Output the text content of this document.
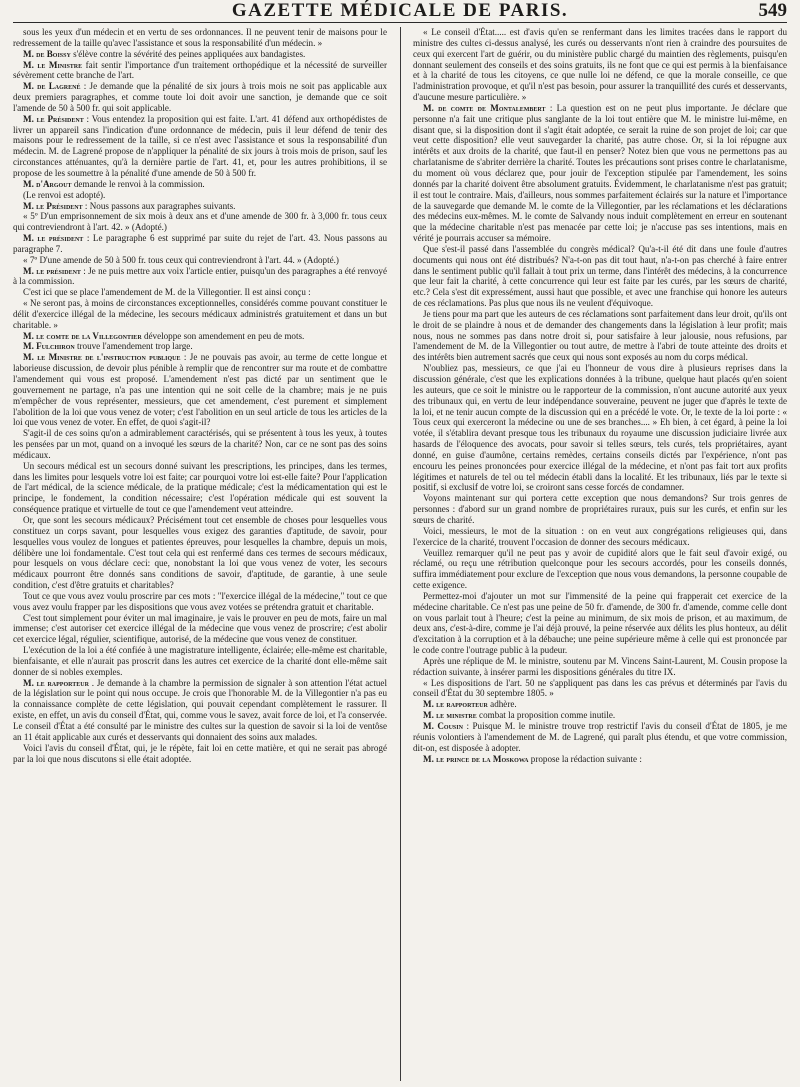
GAZETTE MÉDICALE DE PARIS.	549

sous les yeux d'un médecin et en vertu de ses ordonnances. Il ne peuvent tenir de maisons pour le redressement de la taille qu'avec l'assistance et sous la responsabilité d'un médecin. »

M. de Boissy s'élève contre la sévérité des peines appliquées aux bandagistes.

M. le Ministre fait sentir l'importance d'un traitement orthopédique et la nécessité de surveiller sévèrement cette branche de l'art.

M. de Lagrené : Je demande que la pénalité de six jours à trois mois ne soit pas applicable aux deux premiers paragraphes, et comme toute loi doit avoir une sanction, je demande que ce soit l'amende de 50 à 500 fr. qui soit applicable.

M. le Président : Vous entendez la proposition qui est faite. L'art. 41 défend aux orthopédistes de livrer un appareil sans l'indication d'une ordonnance de médecin, puis il leur défend de tenir des maisons pour le redressement de la taille, si ce n'est avec l'assistance et sous la responsabilité d'un médecin. M. de Lagrené propose de n'appliquer la pénalité de six jours à trois mois de prison, sauf les circonstances atténuantes, qu'à la dernière partie de l'art. 41, et, pour les autres prohibitions, il se propose de les soumettre à la pénalité d'une amende de 50 à 500 fr.

M. d'Argout demande le renvoi à la commission.

(Le renvoi est adopté).

M. le Président : Nous passons aux paragraphes suivants.

« 5º D'un emprisonnement de six mois à deux ans et d'une amende de 300 fr. à 3,000 fr. tous ceux qui contreviendront à l'art. 42. » (Adopté.)

M. le président : Le paragraphe 6 est supprimé par suite du rejet de l'art. 43. Nous passons au paragraphe 7.

« 7º D'une amende de 50 à 500 fr. tous ceux qui contreviendront à l'art. 44. » (Adopté.)

M. le président : Je ne puis mettre aux voix l'article entier, puisqu'un des paragraphes a été renvoyé à la commission.

C'est ici que se place l'amendement de M. de la Villegontier. Il est ainsi conçu :

« Ne seront pas, à moins de circonstances exceptionnelles, considérés comme pouvant constituer le délit d'exercice illégal de la médecine, les secours médicaux administrés gratuitement et dans un but charitable. »

M. le comte de la Villegontier développe son amendement en peu de mots.

M. Fulchiron trouve l'amendement trop large.

M. le Ministre de l'instruction publique : Je ne pouvais pas avoir, au terme de cette longue et laborieuse discussion, de devoir plus pénible à remplir que de rencontrer sur ma route et de combattre l'amendement qui vous est proposé. L'amendement n'est pas dicté par un sentiment que le gouvernement ne partage, n'a pas une intention qui ne soit celle de la chambre; mais je ne puis m'empêcher de vous représenter, messieurs, que cet amendement, c'est purement et simplement l'abolition de la loi que vous venez de voter; c'est l'abolition en un seul article de tous les articles de la loi que vous venez de voter. En effet, de quoi s'agit-il?

S'agit-il de ces soins qu'on a admirablement caractérisés, qui se présentent à tous les yeux, à toutes les pensées par un mot, quand on a invoqué les sœurs de la charité? Non, car ce ne sont pas des soins médicaux.

Un secours médical est un secours donné suivant les prescriptions, les principes, dans les termes, dans les limites pour lesquels votre loi est faite; car pourquoi votre loi est-elle faite? Pour l'application de l'art médical, de la science médicale, de la pratique médicale; c'est la médicamentation qui est le principe, le fondement, la condition nécessaire; c'est l'opération médicale qui est souvent la conséquence pratique et virtuelle de tout ce que l'amendement veut atteindre.

Or, que sont les secours médicaux? Précisément tout cet ensemble de choses pour lesquelles vous constituez un corps savant, pour lesquelles vous exigez des garanties d'aptitude, de savoir, pour lesquelles vous voulez de longues et patientes épreuves, pour lesquelles la chambre, depuis un mois, délibère une loi fondamentale. C'est tout cela qui est renfermé dans ces termes de secours médicaux, pour lesquels on vous déclare ceci: que, nonobstant la loi que vous venez de voter, les secours médicaux pourront être donnés sans conditions de savoir, d'aptitude, de garantie, à une seule condition, c'est d'être gratuits et charitables?

Tout ce que vous avez voulu proscrire par ces mots : "l'exercice illégal de la médecine," tout ce que vous avez voulu frapper par les dispositions que vous avez votées se prétendra gratuit et charitable.

C'est tout simplement pour éviter un mal imaginaire, je vais le prouver en peu de mots, faire un mal immense; c'est autoriser cet exercice illégal de la médecine que vous venez de proscrire; c'est abolir cet exercice légal, régulier, scientifique, autorisé, de la médecine que vous venez de constituer.

L'exécution de la loi a été confiée à une magistrature intelligente, éclairée; elle-même est charitable, bienfaisante, et elle n'aurait pas proscrit dans les autres cet exercice de la charité dont elle-même sait donner de si nobles exemples.

M. le rapporteur . Je demande à la chambre la permission de signaler à son attention l'état actuel de la législation sur le point qui nous occupe. Je crois que l'honorable M. de la Villegontier n'a pas eu la connaissance complète de cette législation, qui pouvait cependant complètement le rassurer. Il existe, en effet, un avis du conseil d'État, qui, comme vous le savez, avait force de loi, et l'a conservée. Le conseil d'État a été consulté par le ministre des cultes sur la question de savoir si la loi de ventôse an 11 était applicable aux curés et desservants qui donnaient des soins aux malades.

Voici l'avis du conseil d'État, qui, je le répète, fait loi en cette matière, et qui ne serait pas abrogé par la loi que nous discutons si elle était adoptée.

« Le conseil d'État..... est d'avis qu'en se renfermant dans les limites tracées dans le rapport du ministre des cultes ci-dessus analysé, les curés ou desservants n'ont rien à craindre des poursuites de ceux qui exercent l'art de guérir, ou du ministère public chargé du maintien des règlements, puisqu'en donnant seulement des conseils et des soins gratuits, ils ne font que ce qui est permis à la bienfaisance et à la charité de tous les citoyens, ce que nulle loi ne défend, ce que la morale conseille, ce que l'administration provoque, et qu'il n'est pas besoin, pour assurer la tranquillité des curés et desservants, d'aucune mesure particulière. »

M. de comte de Montalembert : La question est on ne peut plus importante. Je déclare que personne n'a fait une critique plus sanglante de la loi tout entière que M. le ministre lui-même, en disant que, si la disposition dont il s'agit était adoptée, ce serait la ruine de son projet de loi; car que veut cette disposition? elle veut sauvegarder la charité, pas autre chose. Or, si la loi répugne aux intérêts et aux droits de la charité, que faut-il en penser? Notez bien que vous ne permettons pas au charlatanisme de s'abriter derrière la charité. Toutes les précautions sont prises contre le charlatanisme, du moment où vous déclarez que, pour jouir de l'exception stipulée par l'amendement, les soins donnés par la charité doivent être absolument gratuits. Évidemment, le charlatanisme n'est pas gratuit; il est tout le contraire. Mais, d'ailleurs, nous sommes parfaitement éclairés sur la nature et l'importance de la sauvegarde que demande M. le comte de la Villegontier, par les réclamations et les déclarations des médecins eux-mêmes. M. le comte de Salvandy nous induit complètement en erreur en soutenant que la médecine charitable n'est pas menacée par cette loi; je n'accuse pas ses intentions, mais en vérité je pourrais accuser sa mémoire.

Que s'est-il passé dans l'assemblée du congrès médical? Qu'a-t-il été dit dans une foule d'autres documents qui nous ont été distribués? N'a-t-on pas dit tout haut, n'a-t-on pas cherché à faire entrer dans le sentiment public qu'il fallait à tout prix un terme, dans l'intérêt des médecins, à la concurrence que leur fait la charité, à cette concurrence qui leur est faite par les curés, par les sœurs de charité, etc.? Cela s'est dit expressément, aussi haut que possible, et avec une franchise qui honore les auteurs de ces réclamations. Pas plus que nous ils ne veulent d'équivoque.

Je tiens pour ma part que les auteurs de ces réclamations sont parfaitement dans leur droit, qu'ils ont le droit de se plaindre à nous et de demander des changements dans la législation à leur profit; mais nous, nous ne sommes pas dans notre droit si, pour satisfaire à leur jalousie, nous refusions, par l'amendement de M. de la Villegontier ou tout autre, de mettre à l'abri de toute atteinte des droits et des intérêts bien autrement sacrés que ceux qui nous sont exposés au nom du corps médical.

N'oubliez pas, messieurs, ce que j'ai eu l'honneur de vous dire à plusieurs reprises dans la discussion générale, c'est que les explications données à la tribune, quelque haut placés qu'en soient les auteurs, que ce soit le ministre ou le rapporteur de la commission, n'ont aucune autorité aux yeux des tribunaux qui, en vertu de leur indépendance souveraine, peuvent ne juger que d'après le texte de la loi, et ne tenir aucun compte de la discussion qui en a précédé le vote. Or, le texte de la loi porte : « Tous ceux qui exerceront la médecine ou une de ses branches.... » Eh bien, à cet égard, à peine la loi votée, il s'établira devant presque tous les tribunaux du royaume une discussion judiciaire livrée aux hasards de l'éloquence des avocats, pour savoir si telles sœurs, tels curés, tels propriétaires, ayant donné, en guise d'aumône, certains remèdes, certains conseils dictés par l'expérience, n'ont pas encouru les peines prononcées pour exercice illégal de la médecine, et n'ont pas fait tort aux profits légitimes et naturels de tel ou tel médecin établi dans la localité. Et les tribunaux, liés par le texte si positif, si exclusif de votre loi, se croiront sans cesse forcés de condamner.

Voyons maintenant sur qui portera cette exception que nous demandons? Sur trois genres de personnes : d'abord sur un grand nombre de propriétaires ruraux, puis sur les curés, et enfin sur les sœurs de charité.

Voici, messieurs, le mot de la situation : on en veut aux congrégations religieuses qui, dans l'exercice de la charité, trouvent l'occasion de donner des secours médicaux.

Veuillez remarquer qu'il ne peut pas y avoir de cupidité alors que le fait seul d'avoir exigé, ou réclamé, ou reçu une rétribution quelconque pour les secours accordés, pour les conseils donnés, suffira immédiatement pour exclure de l'exception que nous vous demandons, la personne coupable de cette exigence.

Permettez-moi d'ajouter un mot sur l'immensité de la peine qui frapperait cet exercice de la médecine charitable. Ce n'est pas une peine de 50 fr. d'amende, de 300 fr. d'amende, comme celle dont on vous parlait tout à l'heure; c'est la peine au minimum, de six mois de prison, et au maximum, de deux ans, c'est-à-dire, comme je l'ai déjà prouvé, la peine réservée aux délits les plus honteux, au délit d'excitation à la corruption et à la débauche; une peine supérieure même à celle qui est prononcée par le code contre l'outrage public à la pudeur.

Après une réplique de M. le ministre, soutenu par M. Vincens Saint-Laurent, M. Cousin propose la rédaction suivante, à insérer parmi les dispositions générales du titre IX.

« Les dispositions de l'art. 50 ne s'appliquent pas dans les cas prévus et déterminés par l'avis du conseil d'État du 30 septembre 1805. »

M. le rapporteur adhère.

M. le ministre combat la proposition comme inutile.

M. Cousin : Puisque M. le ministre trouve trop restrictif l'avis du conseil d'État de 1805, je me réunis volontiers à l'amendement de M. de Lagrené, qui paraît plus étendu, et que votre commission, dit-on, est disposée à adopter.

M. le prince de la Moskowa propose la rédaction suivante :
